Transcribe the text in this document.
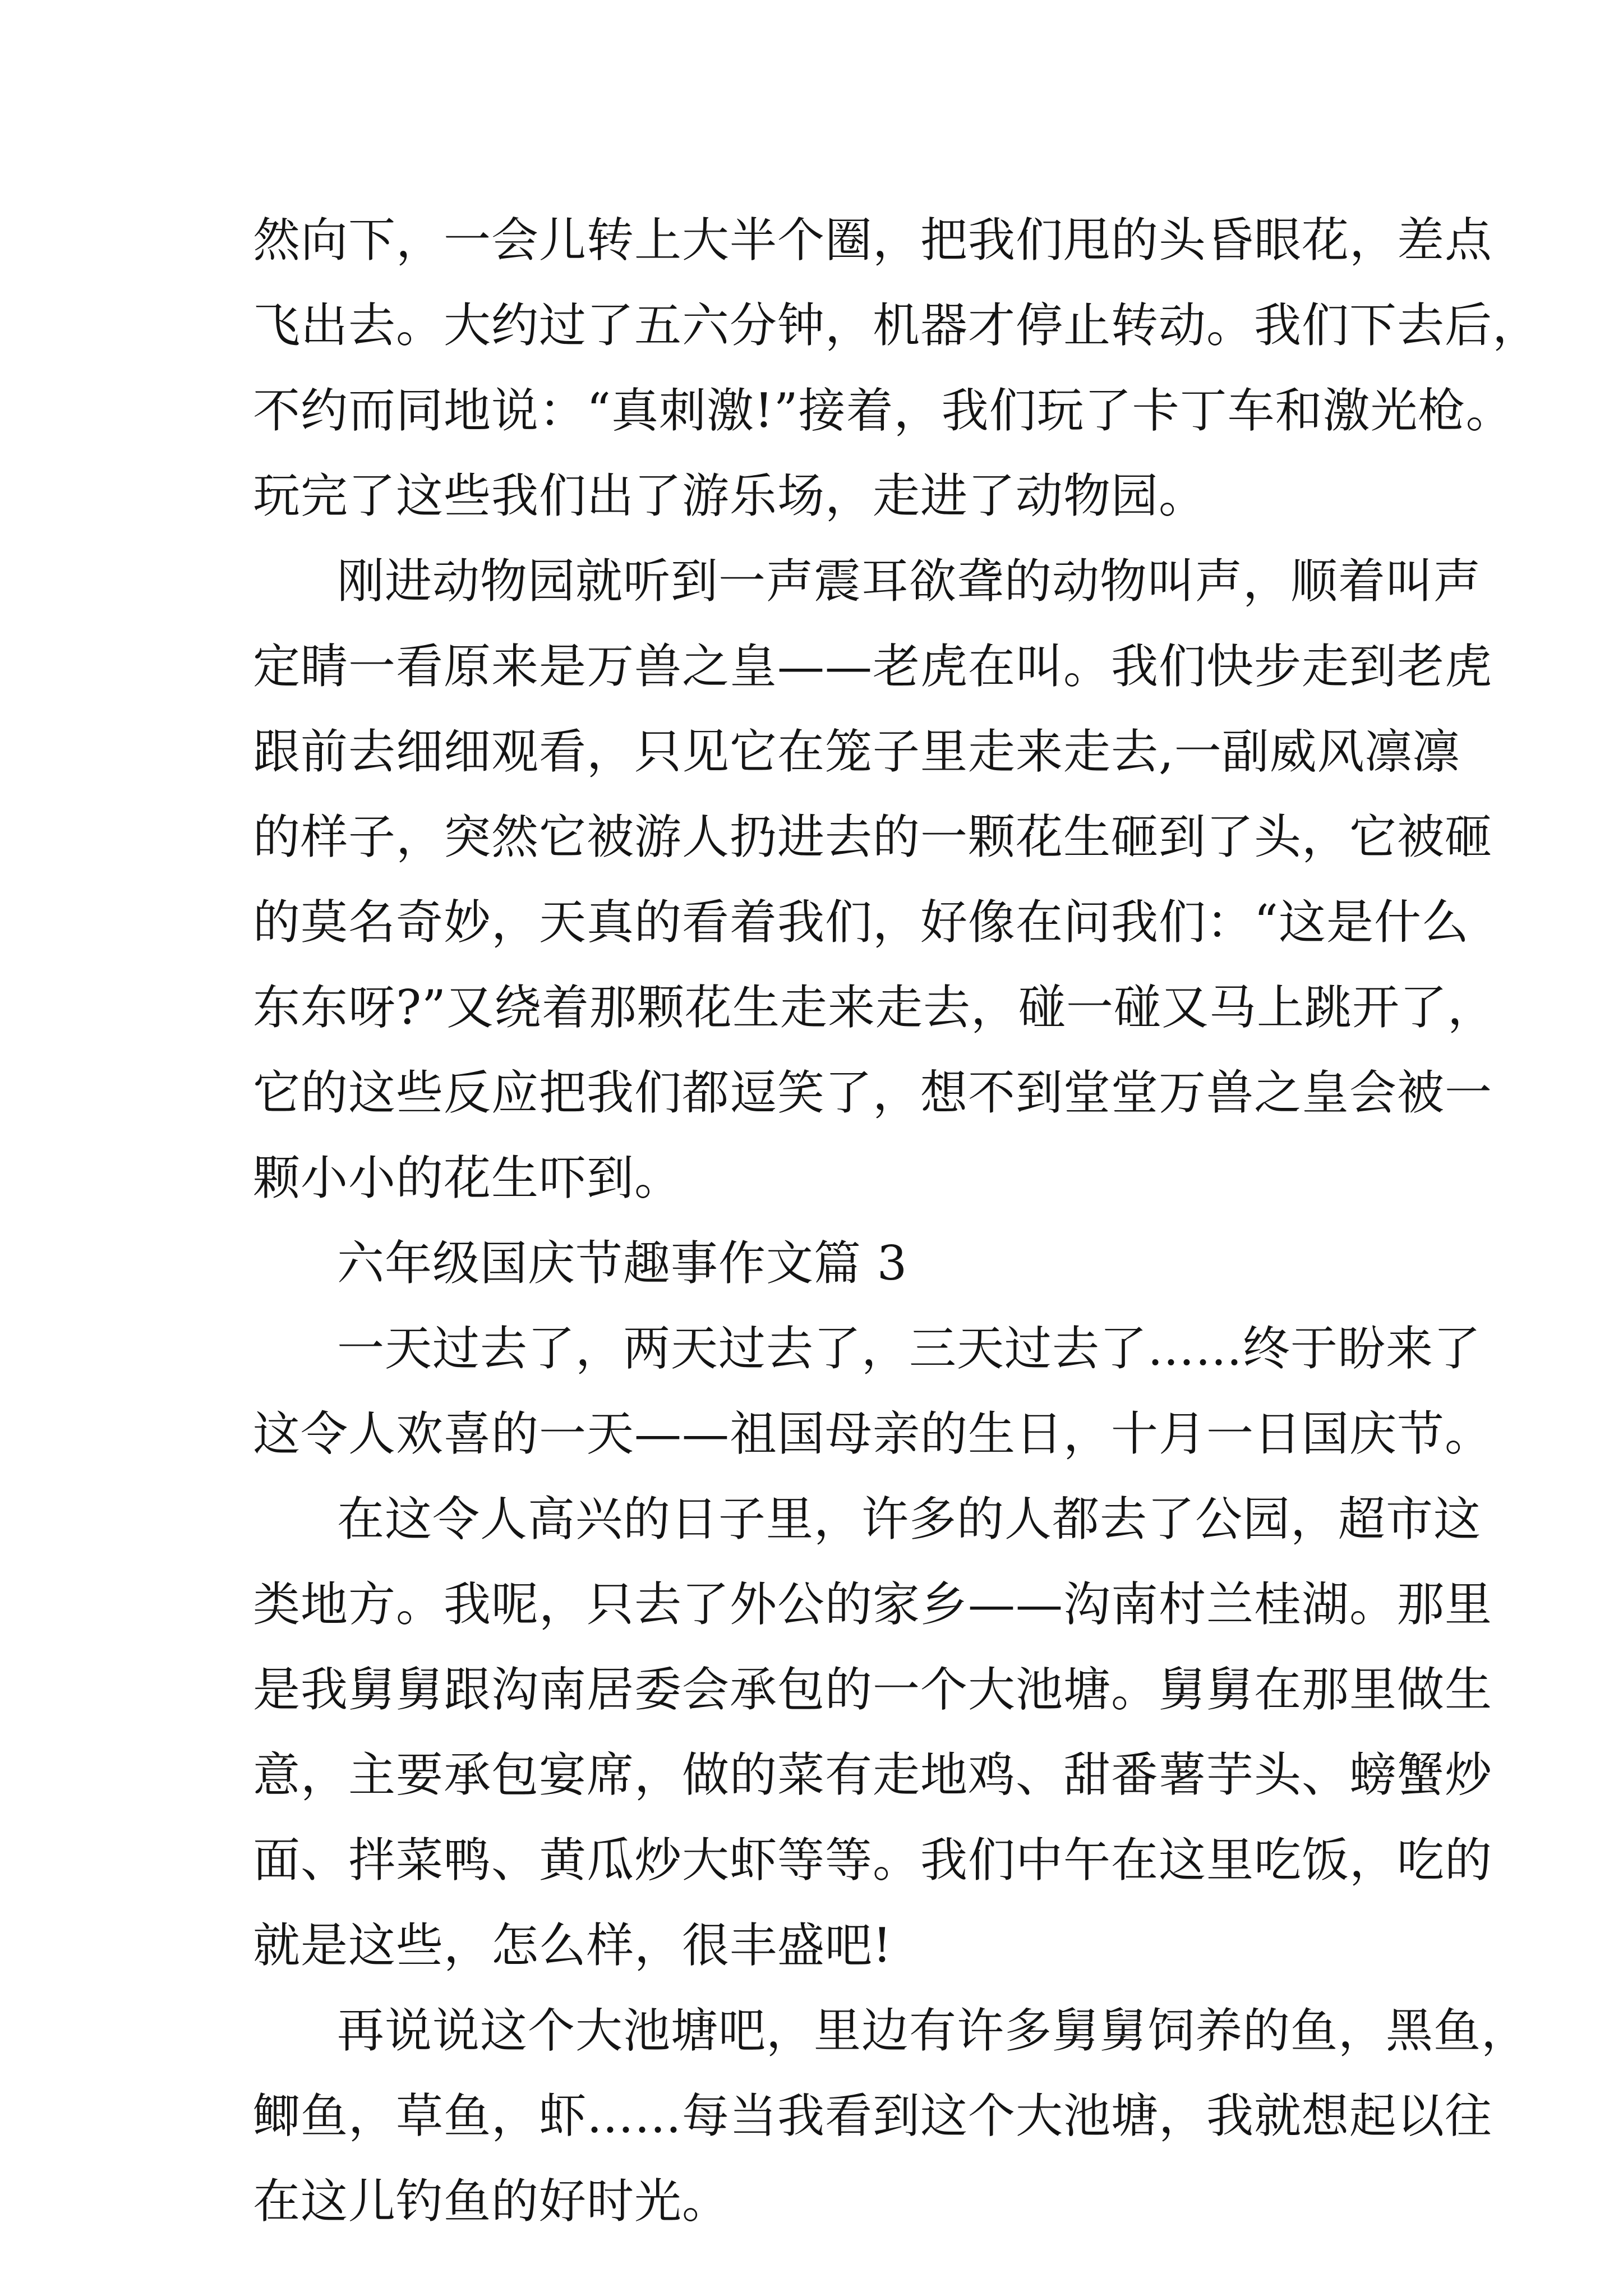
然向下，一会儿转上大半个圈，把我们甩的头昏眼花，差点
飞出去。大约过了五六分钟，机器才停止转动。我们下去后，
不约而同地说：“真刺激!”接着，我们玩了卡丁车和激光枪。
玩完了这些我们出了游乐场，走进了动物园。
刚进动物园就听到一声震耳欲聋的动物叫声，顺着叫声
定睛一看原来是万兽之皇——老虎在叫。我们快步走到老虎
跟前去细细观看，只见它在笼子里走来走去,一副威风凛凛
的样子，突然它被游人扔进去的一颗花生砸到了头，它被砸
的莫名奇妙，天真的看着我们，好像在问我们：“这是什么
东东呀?”又绕着那颗花生走来走去，碰一碰又马上跳开了，
它的这些反应把我们都逗笑了，想不到堂堂万兽之皇会被一
颗小小的花生吓到。
六年级国庆节趣事作文篇 3
一天过去了，两天过去了，三天过去了……终于盼来了
这令人欢喜的一天——祖国母亲的生日，十月一日国庆节。
在这令人高兴的日子里，许多的人都去了公园，超市这
类地方。我呢，只去了外公的家乡——沟南村兰桂湖。那里
是我舅舅跟沟南居委会承包的一个大池塘。舅舅在那里做生
意，主要承包宴席，做的菜有走地鸡、甜番薯芋头、螃蟹炒
面、拌菜鸭、黄瓜炒大虾等等。我们中午在这里吃饭，吃的
就是这些，怎么样，很丰盛吧!
再说说这个大池塘吧，里边有许多舅舅饲养的鱼，黑鱼，
鲫鱼，草鱼，虾……每当我看到这个大池塘，我就想起以往
在这儿钓鱼的好时光。
